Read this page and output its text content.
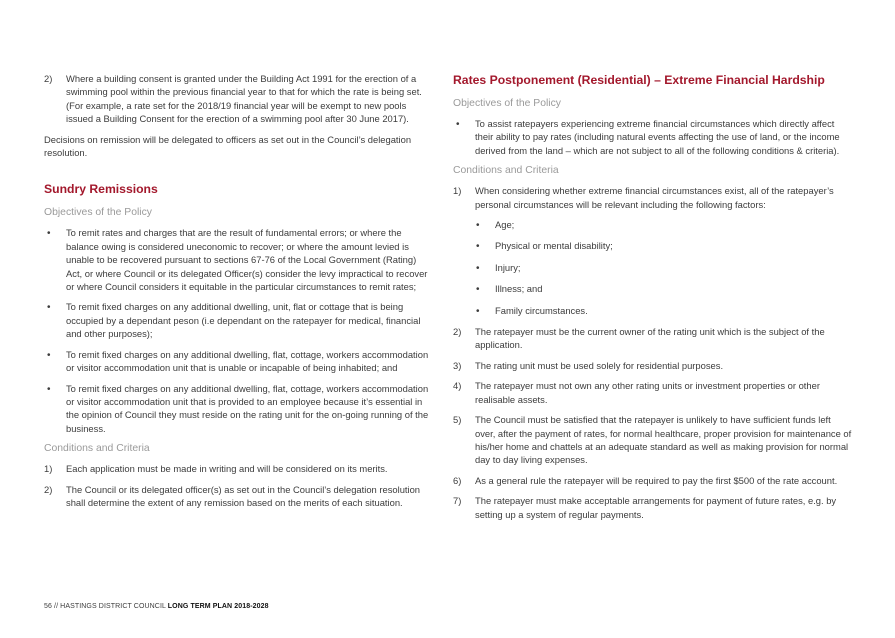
2)	Where a building consent is granted under the Building Act 1991 for the erection of a swimming pool within the previous financial year to that for which the rate is being set. (For example, a rate set for the 2018/19 financial year will be exempt to new pools issued a Building Consent for the erection of a swimming pool after 30 June 2017).

Decisions on remission will be delegated to officers as set out in the Council’s delegation resolution.

Sundry Remissions
Objectives of the Policy
•
To remit rates and charges that are the result of fundamental errors; or where the balance owing is considered uneconomic to recover; or where the amount levied is unable to be recovered pursuant to sections 67-76 of the Local Government (Rating) Act, or where Council or its delegated Officer(s) consider the levy impractical to recover or where Council considers it equitable in the particular circumstances to remit rates;
•
To remit fixed charges on any additional dwelling, unit, flat or cottage that is being occupied by a dependant peson (i.e dependant on the ratepayer for medical, financial and other purposes);
•
To remit fixed charges on any additional dwelling, flat, cottage, workers accommodation or visitor accommodation unit that is unable or incapable of being inhabited; and
•
To remit fixed charges on any additional dwelling, flat, cottage, workers accommodation or visitor accommodation unit that is provided to an employee because it’s essential in the opinion of Council they must reside on the rating unit for the on-going running of the business.
Conditions and Criteria
1)	Each application must be made in writing and will be considered on its merits.
2)	The Council or its delegated officer(s) as set out in the Council’s delegation resolution shall determine the extent of any remission based on the merits of each situation.
Rates Postponement (Residential) – Extreme Financial Hardship
Objectives of the Policy
•
To assist ratepayers experiencing extreme financial circumstances which directly affect their ability to pay rates (including natural events affecting the use of land, or the income derived from the land – which are not subject to all of the following conditions & criteria).
Conditions and Criteria
1)	When considering whether extreme financial circumstances exist, all of the ratepayer’s personal circumstances will be relevant including the following factors:
•
Age;
•
Physical or mental disability;
•
Injury;
•
Illness; and
•
Family circumstances.
2)	The ratepayer must be the current owner of the rating unit which is the subject of the application.
3)	The rating unit must be used solely for residential purposes.
4)	The ratepayer must not own any other rating units or investment properties or other realisable assets.
5)	The Council must be satisfied that the ratepayer is unlikely to have sufficient funds left over, after the payment of rates, for normal healthcare, proper provision for maintenance of his/her home and chattels at an adequate standard as well as making provision for normal day to day living expenses.
6)	As a general rule the ratepayer will be required to pay the first $500 of the rate account.
7)	The ratepayer must make acceptable arrangements for payment of future rates, e.g. by setting up a system of regular payments.
56 // HASTINGS DISTRICT COUNCIL LONG TERM PLAN 2018-2028
